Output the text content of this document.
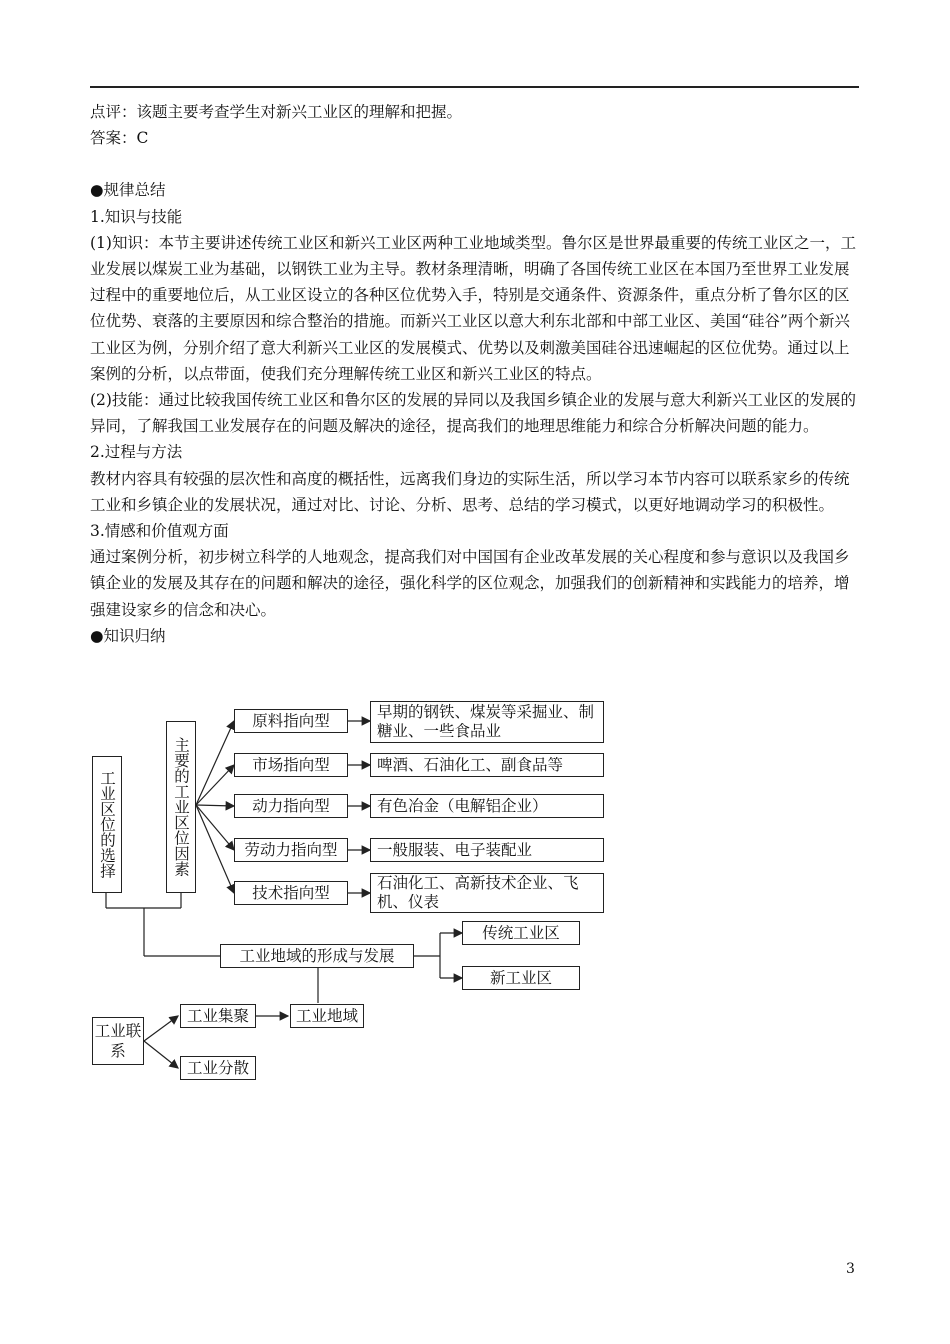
点评：该题主要考查学生对新兴工业区的理解和把握。

答案：C

●规律总结

1.知识与技能

(1)知识：本节主要讲述传统工业区和新兴工业区两种工业地域类型。鲁尔区是世界最重要的传统工业区之一，工业发展以煤炭工业为基础，以钢铁工业为主导。教材条理清晰，明确了各国传统工业区在本国乃至世界工业发展过程中的重要地位后，从工业区设立的各种区位优势入手，特别是交通条件、资源条件，重点分析了鲁尔区的区位优势、衰落的主要原因和综合整治的措施。而新兴工业区以意大利东北部和中部工业区、美国“硅谷”两个新兴工业区为例，分别介绍了意大利新兴工业区的发展模式、优势以及刺激美国硅谷迅速崛起的区位优势。通过以上案例的分析，以点带面，使我们充分理解传统工业区和新兴工业区的特点。

(2)技能：通过比较我国传统工业区和鲁尔区的发展的异同以及我国乡镇企业的发展与意大利新兴工业区的发展的异同，了解我国工业发展存在的问题及解决的途径，提高我们的地理思维能力和综合分析解决问题的能力。

2.过程与方法

教材内容具有较强的层次性和高度的概括性，远离我们身边的实际生活，所以学习本节内容可以联系家乡的传统工业和乡镇企业的发展状况，通过对比、讨论、分析、思考、总结的学习模式，以更好地调动学习的积极性。

3.情感和价值观方面

通过案例分析，初步树立科学的人地观念，提高我们对中国国有企业改革发展的关心程度和参与意识以及我国乡镇企业的发展及其存在的问题和解决的途径，强化科学的区位观念，加强我们的创新精神和实践能力的培养，增强建设家乡的信念和决心。

●知识归纳

工业区位的选择	主要的工业区位因素
原料指向型
市场指向型
动力指向型
劳动力指向型
技术指向型
早期的钢铁、煤炭等采掘业、制糖业、一些食品业
啤酒、石油化工、副食品等
有色冶金（电解铝企业）
一般服装、电子装配业
石油化工、高新技术企业、飞机、仪表
工业地域的形成与发展
传统工业区
新工业区
工业联系
工业集聚	工业地域
工业分散
3
